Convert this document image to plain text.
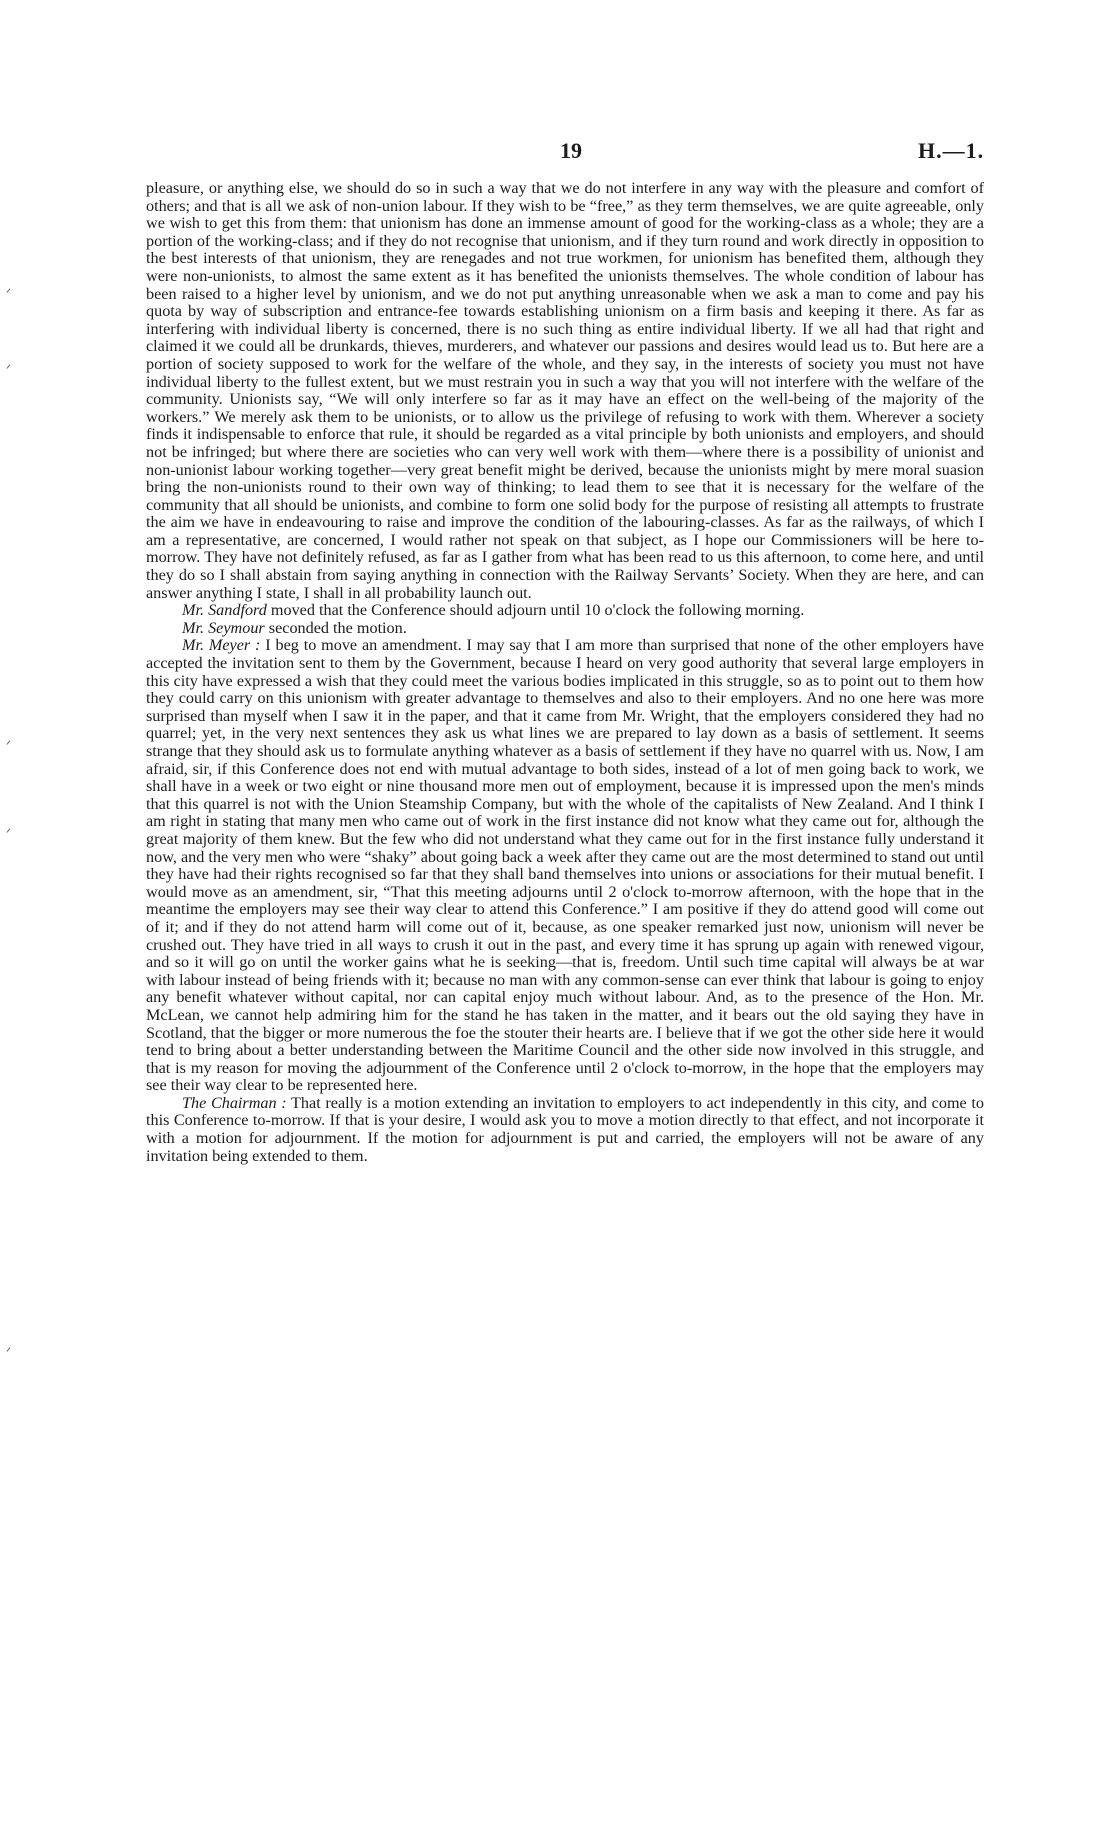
19	H.—1.
ᐟ
ᐟ
ᐟ
ᐟ
ᐟ

pleasure, or anything else, we should do so in such a way that we do not interfere in any way with the pleasure and comfort of others; and that is all we ask of non-union labour. If they wish to be “free,” as they term themselves, we are quite agreeable, only we wish to get this from them: that unionism has done an immense amount of good for the working-class as a whole; they are a portion of the working-class; and if they do not recognise that unionism, and if they turn round and work directly in opposition to the best interests of that unionism, they are renegades and not true workmen, for unionism has benefited them, although they were non-unionists, to almost the same extent as it has benefited the unionists themselves. The whole condition of labour has been raised to a higher level by unionism, and we do not put anything unreasonable when we ask a man to come and pay his quota by way of subscription and entrance-fee towards establishing unionism on a firm basis and keeping it there. As far as interfering with individual liberty is concerned, there is no such thing as entire individual liberty. If we all had that right and claimed it we could all be drunkards, thieves, murderers, and whatever our passions and desires would lead us to. But here are a portion of society supposed to work for the welfare of the whole, and they say, in the interests of society you must not have individual liberty to the fullest extent, but we must restrain you in such a way that you will not interfere with the welfare of the community. Unionists say, “We will only interfere so far as it may have an effect on the well-being of the majority of the workers.” We merely ask them to be unionists, or to allow us the privilege of refusing to work with them. Wherever a society finds it indispensable to enforce that rule, it should be regarded as a vital principle by both unionists and employers, and should not be infringed; but where there are societies who can very well work with them—where there is a possibility of unionist and non-unionist labour working together—very great benefit might be derived, because the unionists might by mere moral suasion bring the non-unionists round to their own way of thinking; to lead them to see that it is necessary for the welfare of the community that all should be unionists, and combine to form one solid body for the purpose of resisting all attempts to frustrate the aim we have in endeavouring to raise and improve the condition of the labouring-classes. As far as the railways, of which I am a representative, are concerned, I would rather not speak on that subject, as I hope our Commissioners will be here to-morrow. They have not definitely refused, as far as I gather from what has been read to us this afternoon, to come here, and until they do so I shall abstain from saying anything in connection with the Railway Servants’ Society. When they are here, and can answer anything I state, I shall in all probability launch out.

Mr. Sandford moved that the Conference should adjourn until 10 o'clock the following morning.

Mr. Seymour seconded the motion.

Mr. Meyer : I beg to move an amendment. I may say that I am more than surprised that none of the other employers have accepted the invitation sent to them by the Government, because I heard on very good authority that several large employers in this city have expressed a wish that they could meet the various bodies implicated in this struggle, so as to point out to them how they could carry on this unionism with greater advantage to themselves and also to their employers. And no one here was more surprised than myself when I saw it in the paper, and that it came from Mr. Wright, that the employers considered they had no quarrel; yet, in the very next sentences they ask us what lines we are prepared to lay down as a basis of settlement. It seems strange that they should ask us to formulate anything whatever as a basis of settlement if they have no quarrel with us. Now, I am afraid, sir, if this Conference does not end with mutual advantage to both sides, instead of a lot of men going back to work, we shall have in a week or two eight or nine thousand more men out of employment, because it is impressed upon the men's minds that this quarrel is not with the Union Steamship Company, but with the whole of the capitalists of New Zealand. And I think I am right in stating that many men who came out of work in the first instance did not know what they came out for, although the great majority of them knew. But the few who did not understand what they came out for in the first instance fully understand it now, and the very men who were “shaky” about going back a week after they came out are the most determined to stand out until they have had their rights recognised so far that they shall band themselves into unions or associations for their mutual benefit. I would move as an amendment, sir, “That this meeting adjourns until 2 o'clock to-morrow afternoon, with the hope that in the meantime the employers may see their way clear to attend this Conference.” I am positive if they do attend good will come out of it; and if they do not attend harm will come out of it, because, as one speaker remarked just now, unionism will never be crushed out. They have tried in all ways to crush it out in the past, and every time it has sprung up again with renewed vigour, and so it will go on until the worker gains what he is seeking—that is, freedom. Until such time capital will always be at war with labour instead of being friends with it; because no man with any common-sense can ever think that labour is going to enjoy any benefit whatever without capital, nor can capital enjoy much without labour. And, as to the presence of the Hon. Mr. McLean, we cannot help admiring him for the stand he has taken in the matter, and it bears out the old saying they have in Scotland, that the bigger or more numerous the foe the stouter their hearts are. I believe that if we got the other side here it would tend to bring about a better understanding between the Maritime Council and the other side now involved in this struggle, and that is my reason for moving the adjournment of the Conference until 2 o'clock to-morrow, in the hope that the employers may see their way clear to be represented here.

The Chairman : That really is a motion extending an invitation to employers to act independently in this city, and come to this Conference to-morrow. If that is your desire, I would ask you to move a motion directly to that effect, and not incorporate it with a motion for adjournment. If the motion for adjournment is put and carried, the employers will not be aware of any invitation being extended to them.
